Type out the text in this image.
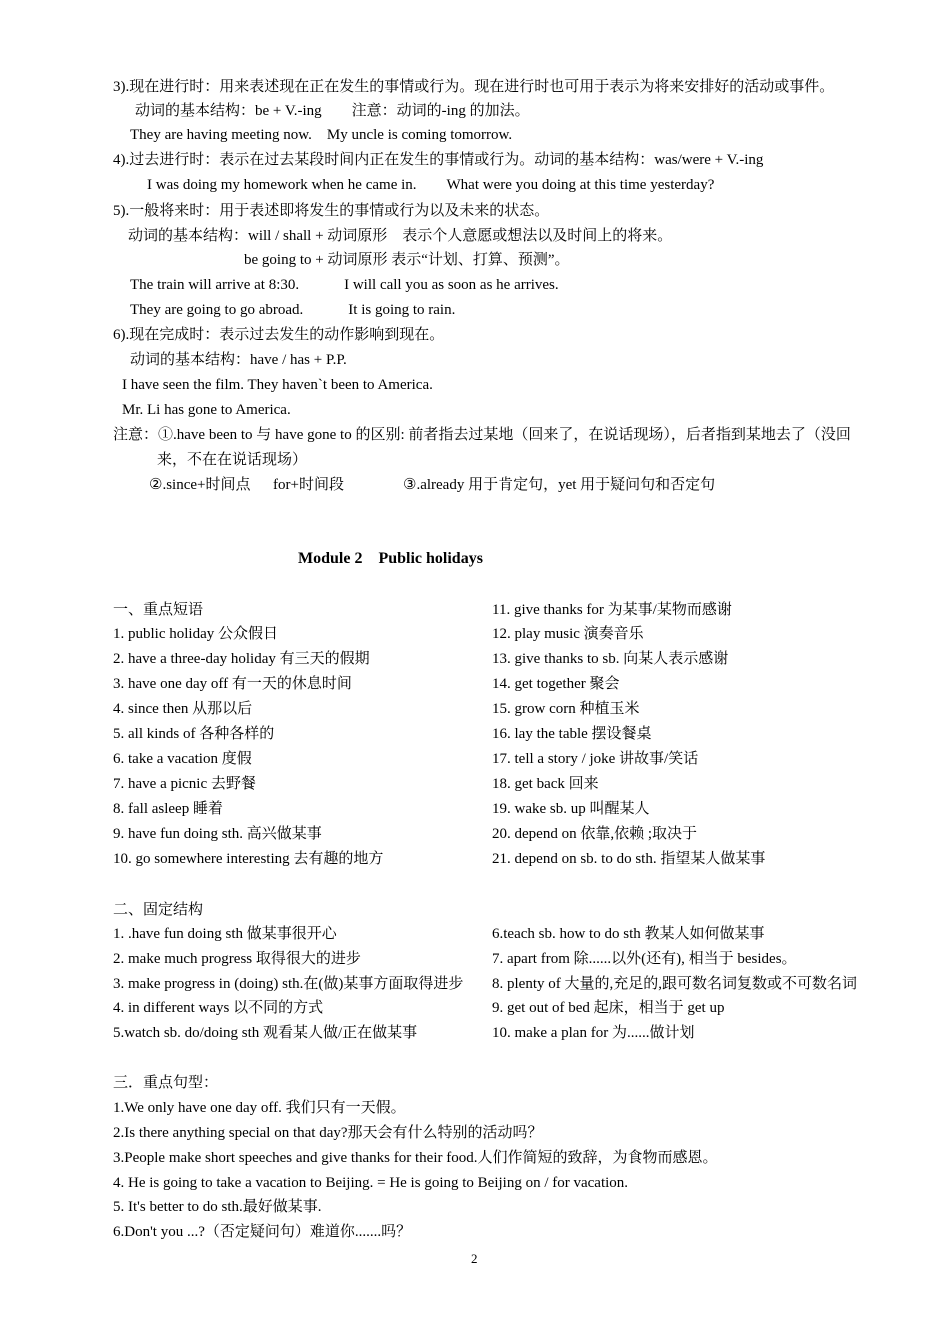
3).现在进行时：用来表述现在正在发生的事情或行为。现在进行时也可用于表示为将来安排好的活动或事件。
动词的基本结构：be + V.-ing　　注意：动词的-ing 的加法。
They are having meeting now.　My uncle is coming tomorrow.
4).过去进行时：表示在过去某段时间内正在发生的事情或行为。动词的基本结构：was/were + V.-ing
I was doing my homework when he came in.　　What were you doing at this time yesterday?
5).一般将来时：用于表述即将发生的事情或行为以及未来的状态。
动词的基本结构：will / shall + 动词原形　表示个人意愿或想法以及时间上的将来。
be going to + 动词原形 表示“计划、打算、预测”。
The train will arrive at 8:30.　　　I will call you as soon as he arrives.
They are going to go abroad.　　　It is going to rain.
6).现在完成时：表示过去发生的动作影响到现在。
动词的基本结构：have / has + P.P.
I have seen the film. They haven`t been to America.
Mr. Li has gone to America.
注意：①.have been to 与 have gone to 的区别: 前者指去过某地（回来了，在说话现场），后者指到某地去了（没回
来，不在在说话现场）
②.since+时间点 for+时间段	③.already 用于肯定句，yet 用于疑问句和否定句
Module 2　Public holidays
一、重点短语
1. public holiday 公众假日
2. have a three-day holiday 有三天的假期
3. have one day off 有一天的休息时间
4. since then 从那以后
5. all kinds of 各种各样的
6. take a vacation 度假
7. have a picnic 去野餐
8. fall asleep 睡着
9. have fun doing sth. 高兴做某事
10. go somewhere interesting 去有趣的地方
11. give thanks for 为某事/某物而感谢
12. play music 演奏音乐
13. give thanks to sb. 向某人表示感谢
14. get together 聚会
15. grow corn 种植玉米
16. lay the table 摆设餐桌
17. tell a story / joke 讲故事/笑话
18. get back 回来
19. wake sb. up 叫醒某人
20. depend on 依靠,依赖 ;取决于
21. depend on sb. to do sth. 指望某人做某事
二、固定结构
1. .have fun doing sth 做某事很开心
2. make much progress 取得很大的进步
3. make progress in (doing) sth.在(做)某事方面取得进步
4. in different ways 以不同的方式
5.watch sb. do/doing sth 观看某人做/正在做某事
6.teach sb. how to do sth 教某人如何做某事
7. apart from 除......以外(还有), 相当于 besides。
8. plenty of 大量的,充足的,跟可数名词复数或不可数名词
9. get out of bed 起床，相当于 get up
10. make a plan for 为......做计划
三．重点句型：
1.We only have one day off. 我们只有一天假。
2.Is there anything special on that day?那天会有什么特别的活动吗？
3.People make short speeches and give thanks for their food.人们作简短的致辞，为食物而感恩。
4. He is going to take a vacation to Beijing. = He is going to Beijing on / for vacation.
5. It's better to do sth.最好做某事.
6.Don't you ...?（否定疑问句）难道你.......吗？
2
